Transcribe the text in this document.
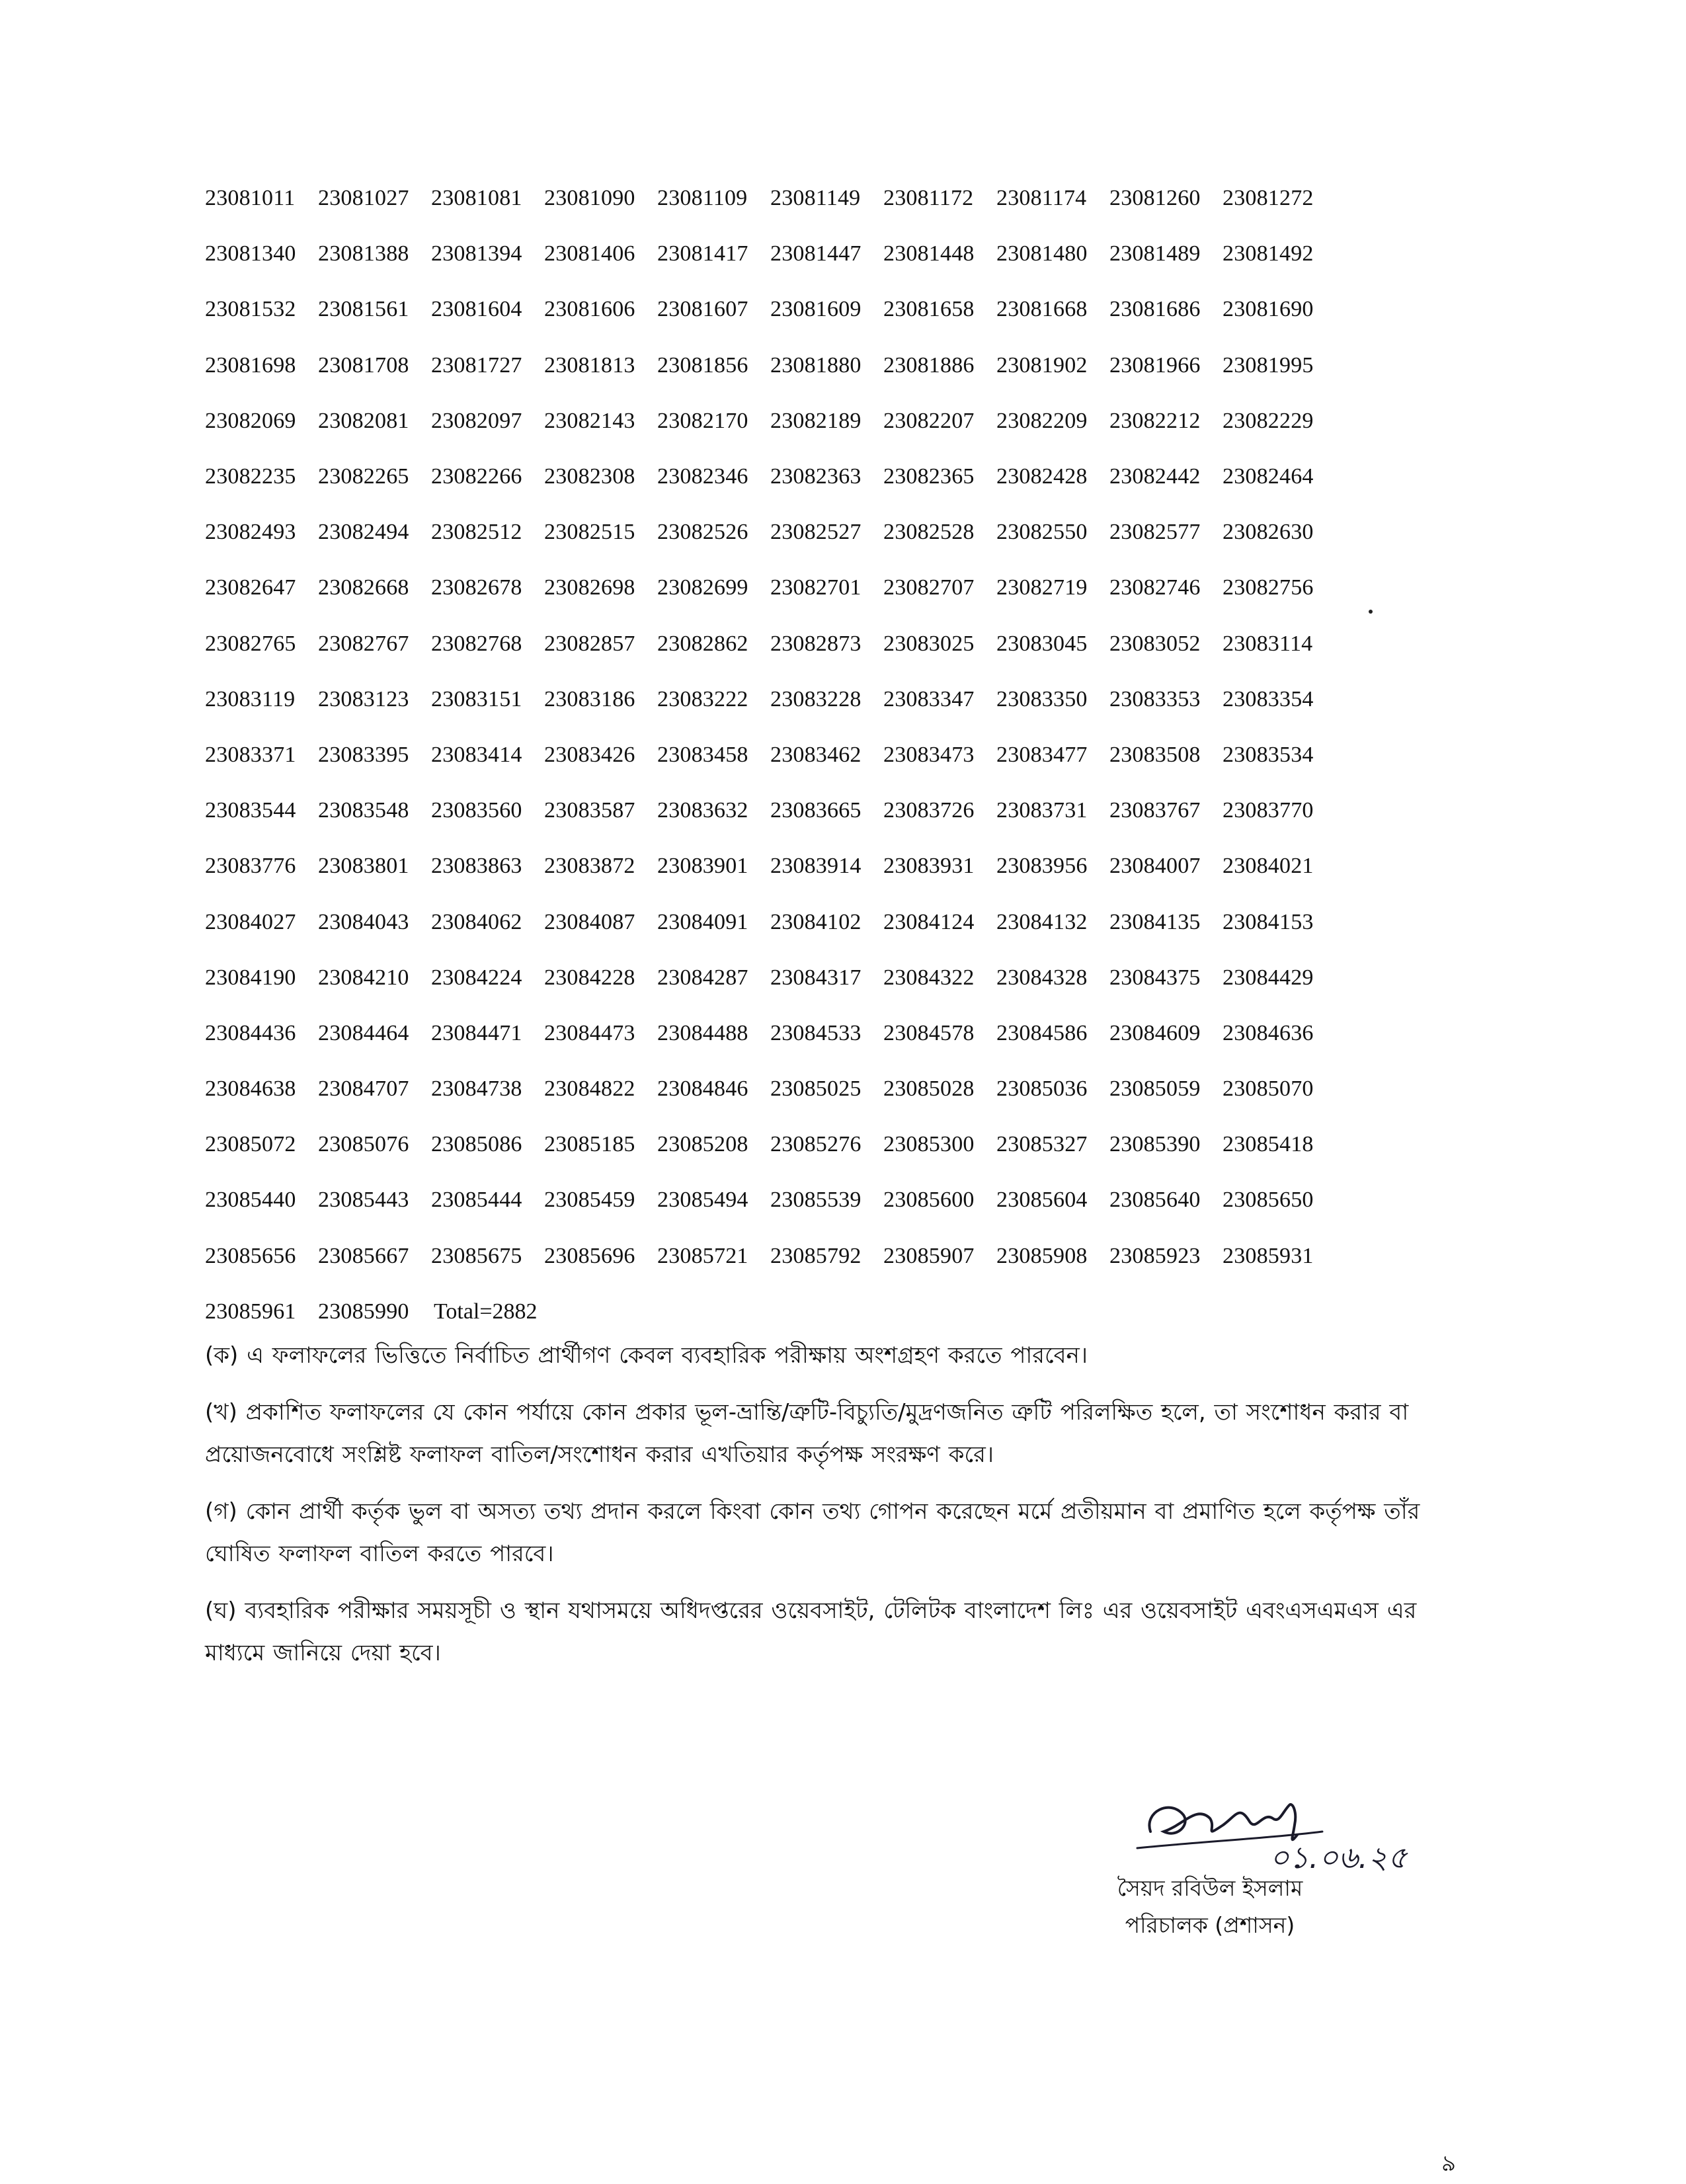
23081011	23081027 23081081 23081090 23081109	23081149	23081172	23081174	23081260 23081272
23081340 23081388 23081394 23081406 23081417 23081447 23081448 23081480 23081489 23081492
23081532 23081561 23081604 23081606 23081607 23081609 23081658 23081668 23081686 23081690
23081698 23081708 23081727 23081813 23081856 23081880 23081886 23081902 23081966 23081995
23082069 23082081 23082097 23082143 23082170 23082189 23082207 23082209 23082212 23082229
23082235 23082265 23082266 23082308 23082346 23082363 23082365 23082428 23082442 23082464
23082493 23082494 23082512 23082515 23082526 23082527 23082528 23082550 23082577 23082630
23082647 23082668 23082678 23082698 23082699 23082701 23082707 23082719 23082746 23082756
23082765 23082767 23082768 23082857 23082862 23082873 23083025 23083045 23083052 23083114
23083119	23083123 23083151 23083186 23083222 23083228 23083347 23083350 23083353 23083354
23083371 23083395 23083414 23083426 23083458 23083462 23083473 23083477 23083508 23083534
23083544 23083548 23083560 23083587 23083632 23083665 23083726 23083731 23083767 23083770
23083776 23083801 23083863 23083872 23083901 23083914 23083931 23083956 23084007 23084021
23084027 23084043 23084062 23084087 23084091 23084102 23084124 23084132 23084135 23084153
23084190 23084210 23084224 23084228 23084287 23084317 23084322 23084328 23084375 23084429
23084436 23084464 23084471 23084473 23084488 23084533 23084578 23084586 23084609 23084636
23084638 23084707 23084738 23084822 23084846 23085025 23085028 23085036 23085059 23085070
23085072 23085076 23085086 23085185 23085208 23085276 23085300 23085327 23085390 23085418
23085440 23085443 23085444 23085459 23085494 23085539 23085600 23085604 23085640 23085650
23085656 23085667 23085675 23085696 23085721 23085792 23085907 23085908 23085923 23085931
23085961 23085990	Total=2882

(ক) এ ফলাফলের ভিত্তিতে নির্বাচিত প্রার্থীগণ কেবল ব্যবহারিক পরীক্ষায় অংশগ্রহণ করতে পারবেন।

(খ) প্রকাশিত ফলাফলের যে কোন পর্যায়ে কোন প্রকার ভূল-ভ্রান্তি/ত্রুটি-বিচ্যুতি/মুদ্রণজনিত ত্রুটি পরিলক্ষিত হলে, তা সংশোধন করার বা প্রয়োজনবোধে সংশ্লিষ্ট ফলাফল বাতিল/সংশোধন করার এখতিয়ার কর্তৃপক্ষ সংরক্ষণ করে।

(গ) কোন প্রার্থী কর্তৃক ভুল বা অসত্য তথ্য প্রদান করলে কিংবা কোন তথ্য গোপন করেছেন মর্মে প্রতীয়মান বা প্রমাণিত হলে কর্তৃপক্ষ তাঁর ঘোষিত ফলাফল বাতিল করতে পারবে।

(ঘ) ব্যবহারিক পরীক্ষার সময়সূচী ও স্থান যথাসময়ে অধিদপ্তরের ওয়েবসাইট, টেলিটক বাংলাদেশ লিঃ এর ওয়েবসাইট এবংএসএমএস এর মাধ্যমে জানিয়ে দেয়া হবে।

০১.০৬.২৫
সৈয়দ রবিউল ইসলাম
পরিচালক (প্রশাসন)
৯
